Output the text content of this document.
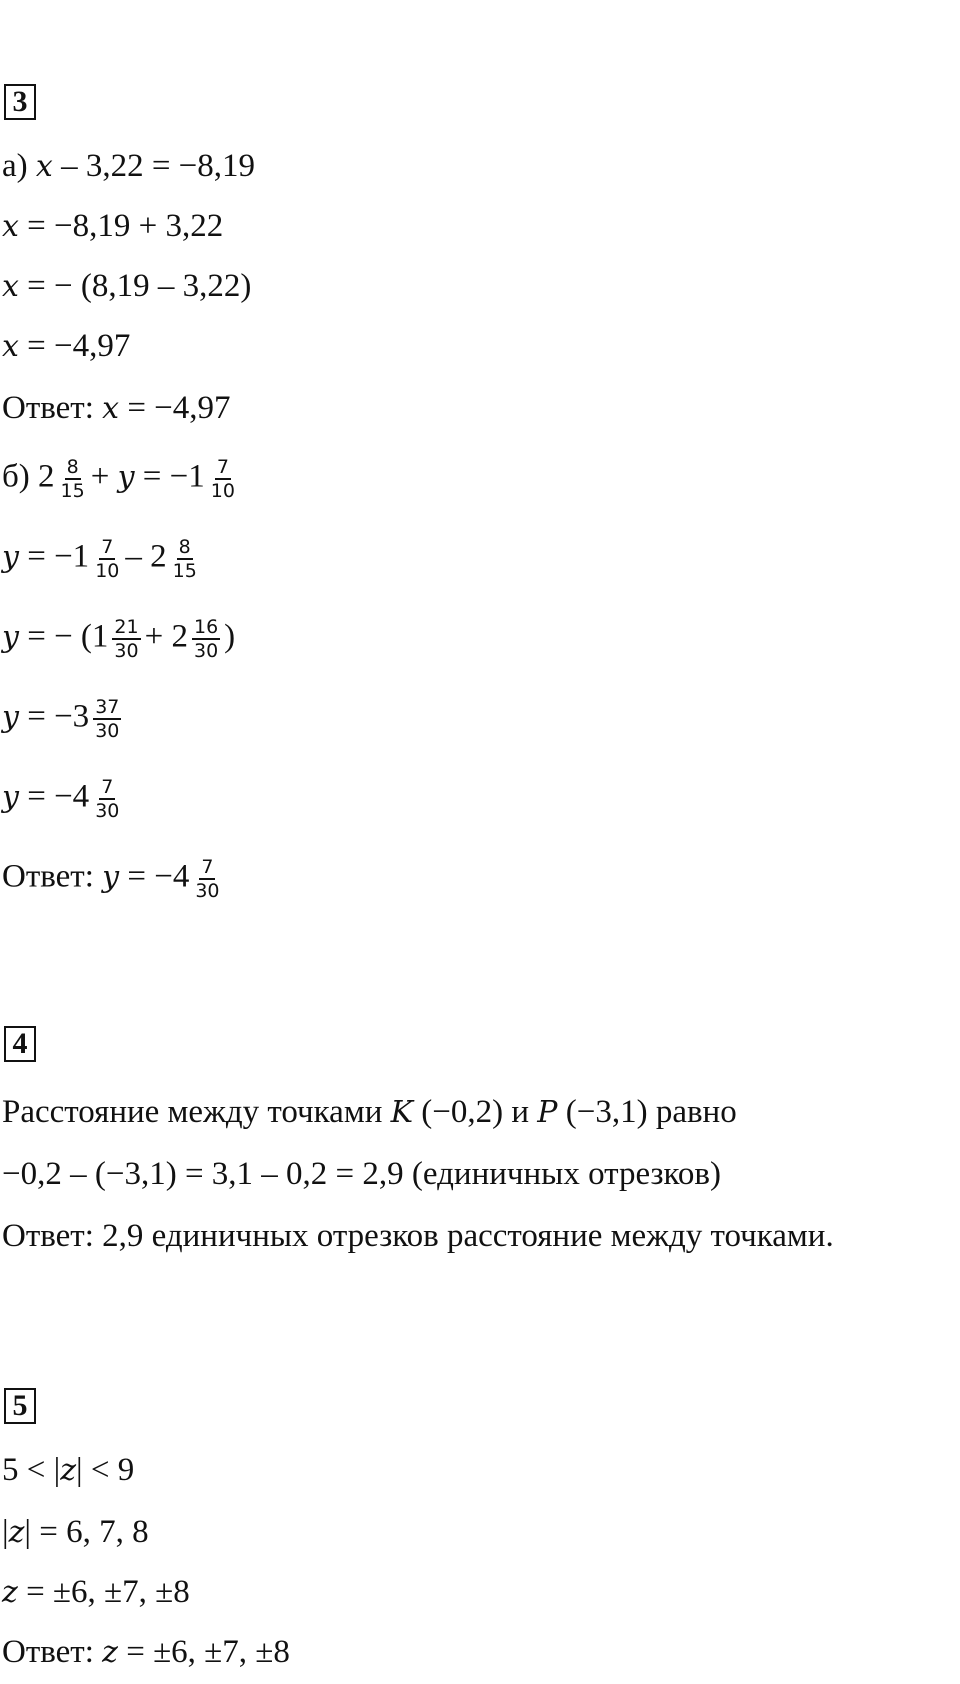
3
а) x – 3,22 = −8,19
x = −8,19 + 3,22
x = − (8,19 – 3,22)
x = −4,97
Ответ: x = −4,97
б) $2 \frac{8}{15} + y = -1 \frac{7}{10}$
$y = -1 \frac{7}{10} - 2 \frac{8}{15}$
y = − ($1 \frac{21}{30} + 2 \frac{16}{30}$ )
$y = -3 \frac{37}{30}$
$y = -4 \frac{7}{30}$
Ответ: $y = -4 \frac{7}{30}$
4
Расстояние между точками K (−0,2) и P (−3,1) равно
−0,2 – (−3,1) = 3,1 – 0,2 = 2,9 (единичных отрезков)
Ответ: 2,9 единичных отрезков расстояние между точками.
5
5 < |z| < 9
|z| = 6, 7, 8
z = ±6, ±7, ±8
Ответ: z = ±6, ±7, ±8
